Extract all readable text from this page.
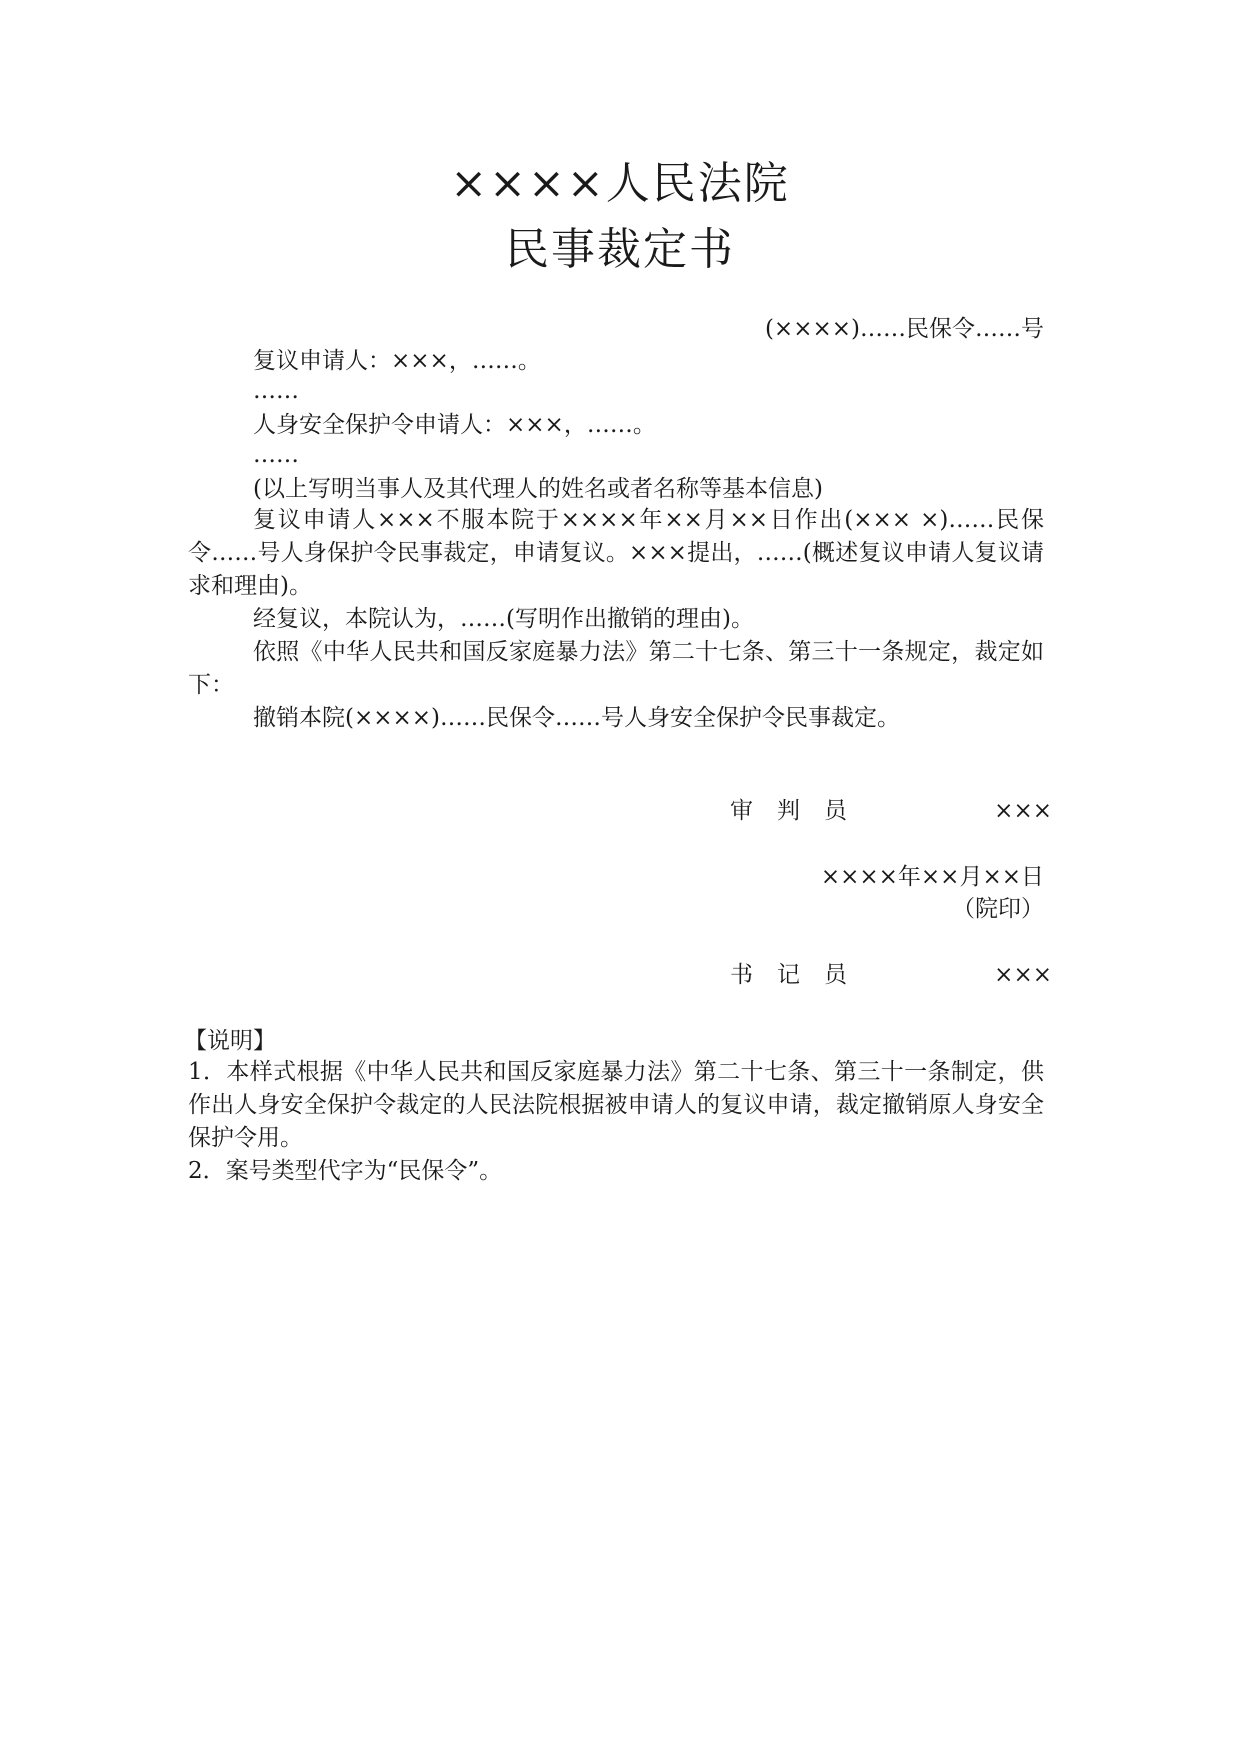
××××人民法院
民事裁定书
(××××)……民保令……号
复议申请人：×××，……。
……
人身安全保护令申请人：×××，……。
……
(以上写明当事人及其代理人的姓名或者名称等基本信息)
复议申请人×××不服本院于××××年××月××日作出(××× ×)……民保令……号人身保护令民事裁定，申请复议。×××提出，……(概述复议申请人复议请求和理由)。
经复议，本院认为，……(写明作出撤销的理由)。
依照《中华人民共和国反家庭暴力法》第二十七条、第三十一条规定，裁定如下：
撤销本院(××××)……民保令……号人身安全保护令民事裁定。
审判员	×××
××××年××月××日
（院印）
书记员	×××
【说明】
1．本样式根据《中华人民共和国反家庭暴力法》第二十七条、第三十一条制定，供作出人身安全保护令裁定的人民法院根据被申请人的复议申请，裁定撤销原人身安全保护令用。
2．案号类型代字为“民保令”。
